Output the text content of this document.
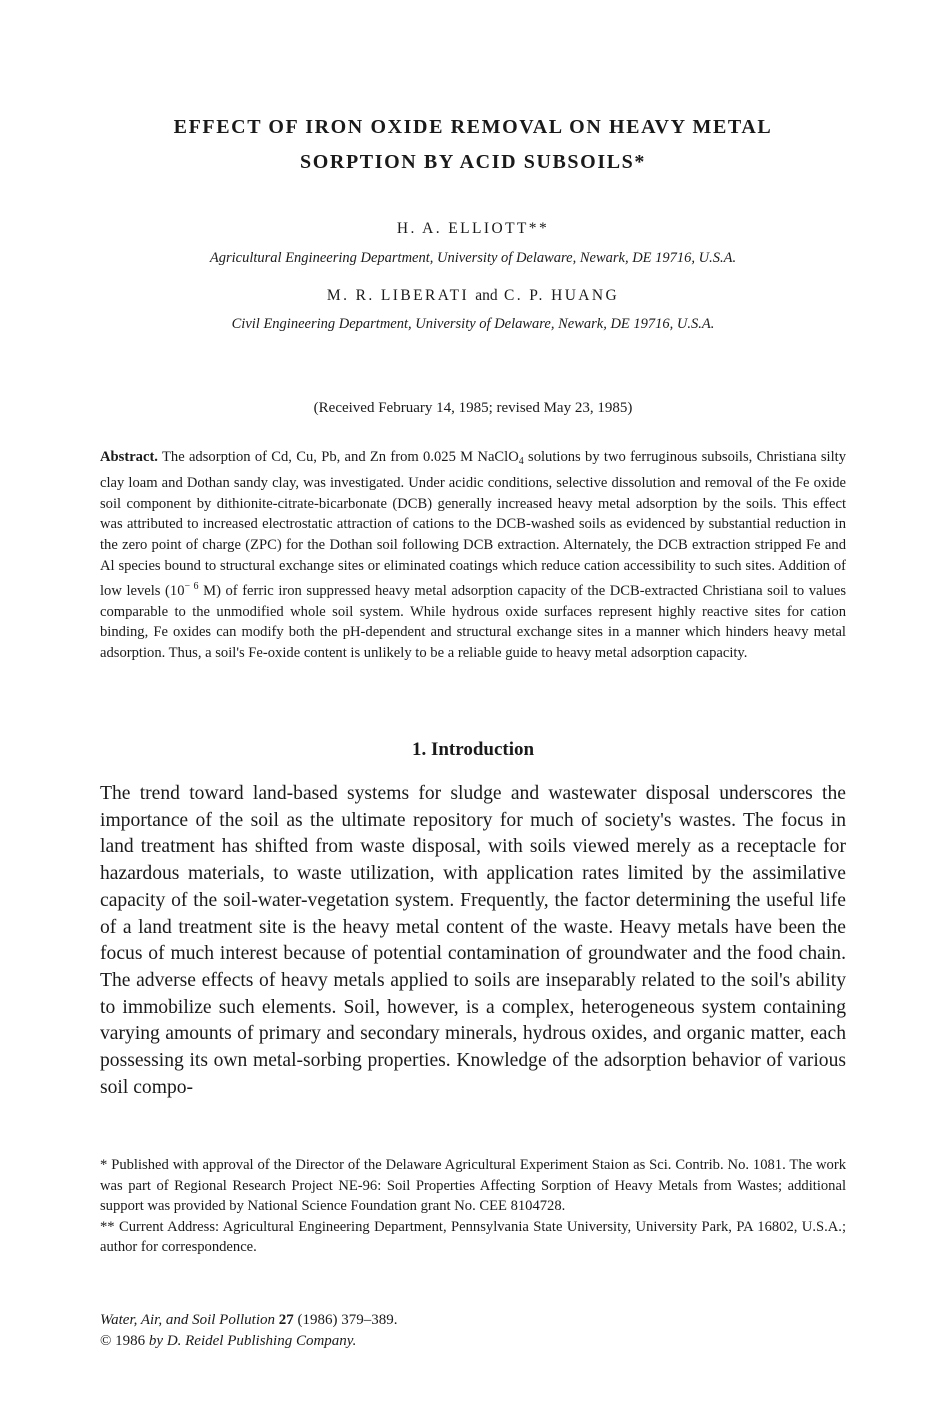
EFFECT OF IRON OXIDE REMOVAL ON HEAVY METAL
SORPTION BY ACID SUBSOILS*

H. A. ELLIOTT**

Agricultural Engineering Department, University of Delaware, Newark, DE 19716, U.S.A.

M. R. LIBERATI and C. P. HUANG

Civil Engineering Department, University of Delaware, Newark, DE 19716, U.S.A.

(Received February 14, 1985; revised May 23, 1985)

Abstract. The adsorption of Cd, Cu, Pb, and Zn from 0.025 M NaClO$_4$ solutions by two ferruginous subsoils, Christiana silty clay loam and Dothan sandy clay, was investigated. Under acidic conditions, selective dissolution and removal of the Fe oxide soil component by dithionite-citrate-bicarbonate (DCB) generally increased heavy metal adsorption by the soils. This effect was attributed to increased electrostatic attraction of cations to the DCB-washed soils as evidenced by substantial reduction in the zero point of charge (ZPC) for the Dothan soil following DCB extraction. Alternately, the DCB extraction stripped Fe and Al species bound to structural exchange sites or eliminated coatings which reduce cation accessibility to such sites. Addition of low levels ($10^{- 6}$ M) of ferric iron suppressed heavy metal adsorption capacity of the DCB-extracted Christiana soil to values comparable to the unmodified whole soil system. While hydrous oxide surfaces represent highly reactive sites for cation binding, Fe oxides can modify both the pH-dependent and structural exchange sites in a manner which hinders heavy metal adsorption. Thus, a soil's Fe-oxide content is unlikely to be a reliable guide to heavy metal adsorption capacity.

1. Introduction

The trend toward land-based systems for sludge and wastewater disposal underscores the importance of the soil as the ultimate repository for much of society's wastes. The focus in land treatment has shifted from waste disposal, with soils viewed merely as a receptacle for hazardous materials, to waste utilization, with application rates limited by the assimilative capacity of the soil-water-vegetation system. Frequently, the factor determining the useful life of a land treatment site is the heavy metal content of the waste. Heavy metals have been the focus of much interest because of potential contamination of groundwater and the food chain. The adverse effects of heavy metals applied to soils are inseparably related to the soil's ability to immobilize such elements. Soil, however, is a complex, heterogeneous system containing varying amounts of primary and secondary minerals, hydrous oxides, and organic matter, each possessing its own metal-sorbing properties. Knowledge of the adsorption behavior of various soil compo-

* Published with approval of the Director of the Delaware Agricultural Experiment Staion as Sci. Contrib. No. 1081. The work was part of Regional Research Project NE-96: Soil Properties Affecting Sorption of Heavy Metals from Wastes; additional support was provided by National Science Foundation grant No. CEE 8104728.

** Current Address: Agricultural Engineering Department, Pennsylvania State University, University Park, PA 16802, U.S.A.; author for correspondence.

Water, Air, and Soil Pollution 27 (1986) 379–389.

© 1986 by D. Reidel Publishing Company.
